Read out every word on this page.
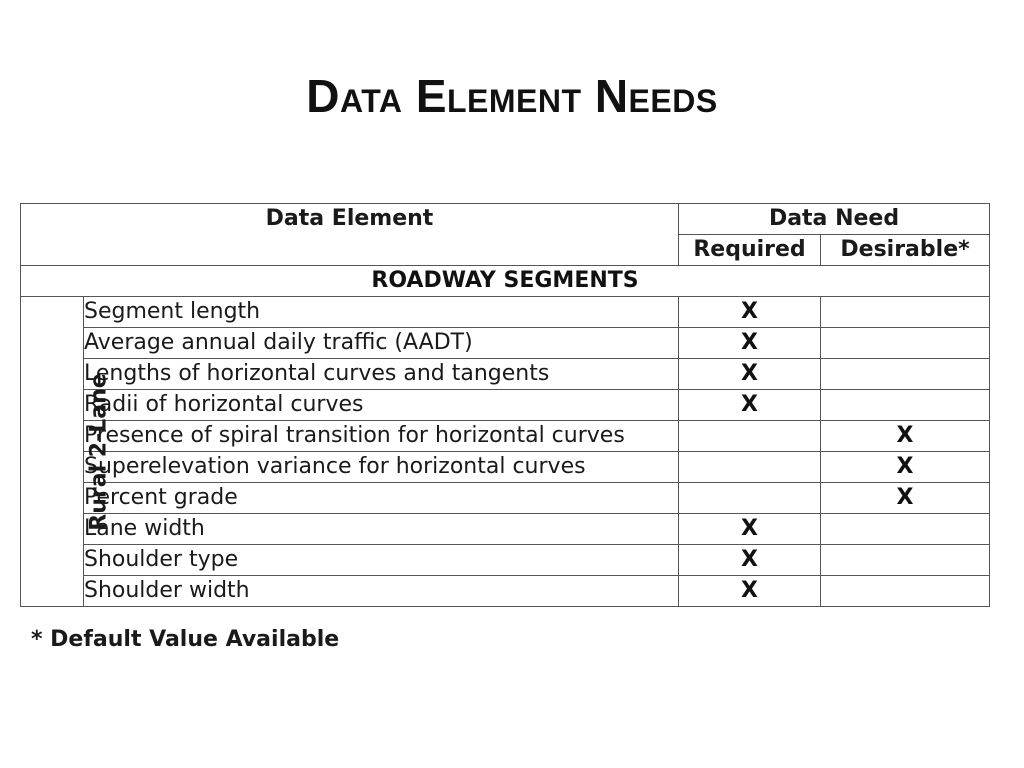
Data Element Needs
Data Element		Data Need	
		Required	Desirable*
ROADWAY SEGMENTS			
Rural 2-Lane	Segment length	X	
	Average annual daily traffic (AADT)	X	
	Lengths of horizontal curves and tangents	X	
	Radii of horizontal curves	X	
	Presence of spiral transition for horizontal curves		X
	Superelevation variance for horizontal curves		X
	Percent grade		X
	Lane width	X	
	Shoulder type	X	
	Shoulder width	X	
* Default Value Available
